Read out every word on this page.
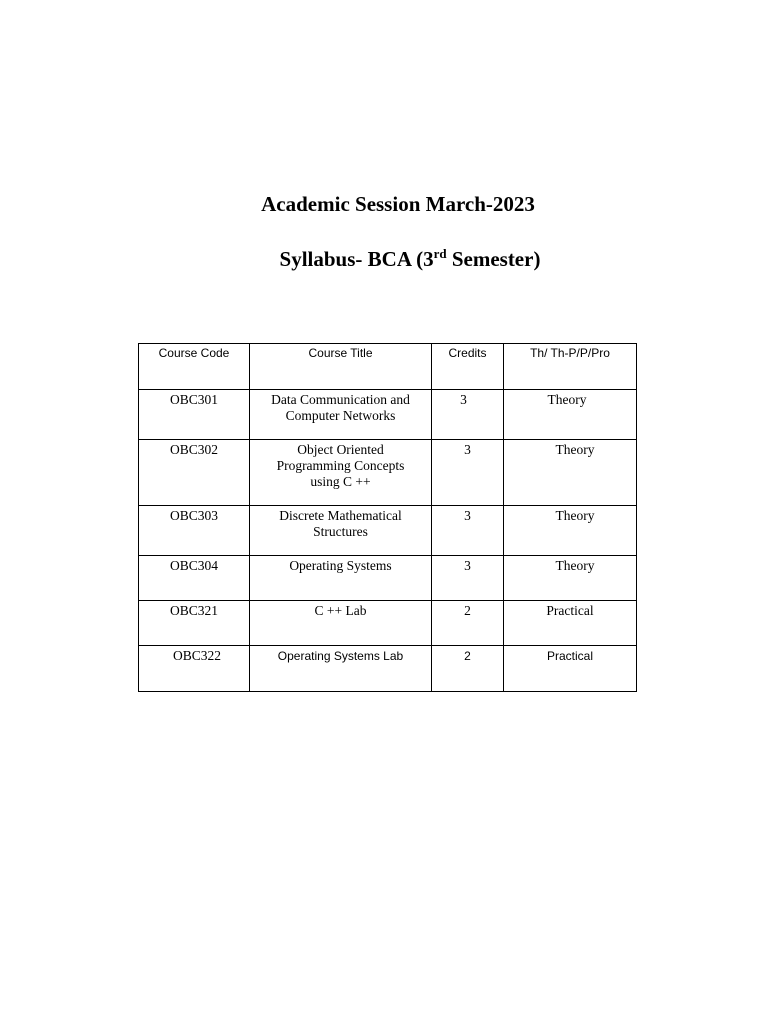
Academic Session March-2023
Syllabus- BCA (3rd Semester)
Course Code	Course Title	Credits	Th/ Th-P/P/Pro
OBC301	Data Communication and Computer Networks	3	Theory
OBC302	Object Oriented Programming Concepts using C ++	3	Theory
OBC303	Discrete Mathematical Structures	3	Theory
OBC304	Operating Systems	3	Theory
OBC321	C ++ Lab	2	Practical
OBC322	Operating Systems Lab	2	Practical
